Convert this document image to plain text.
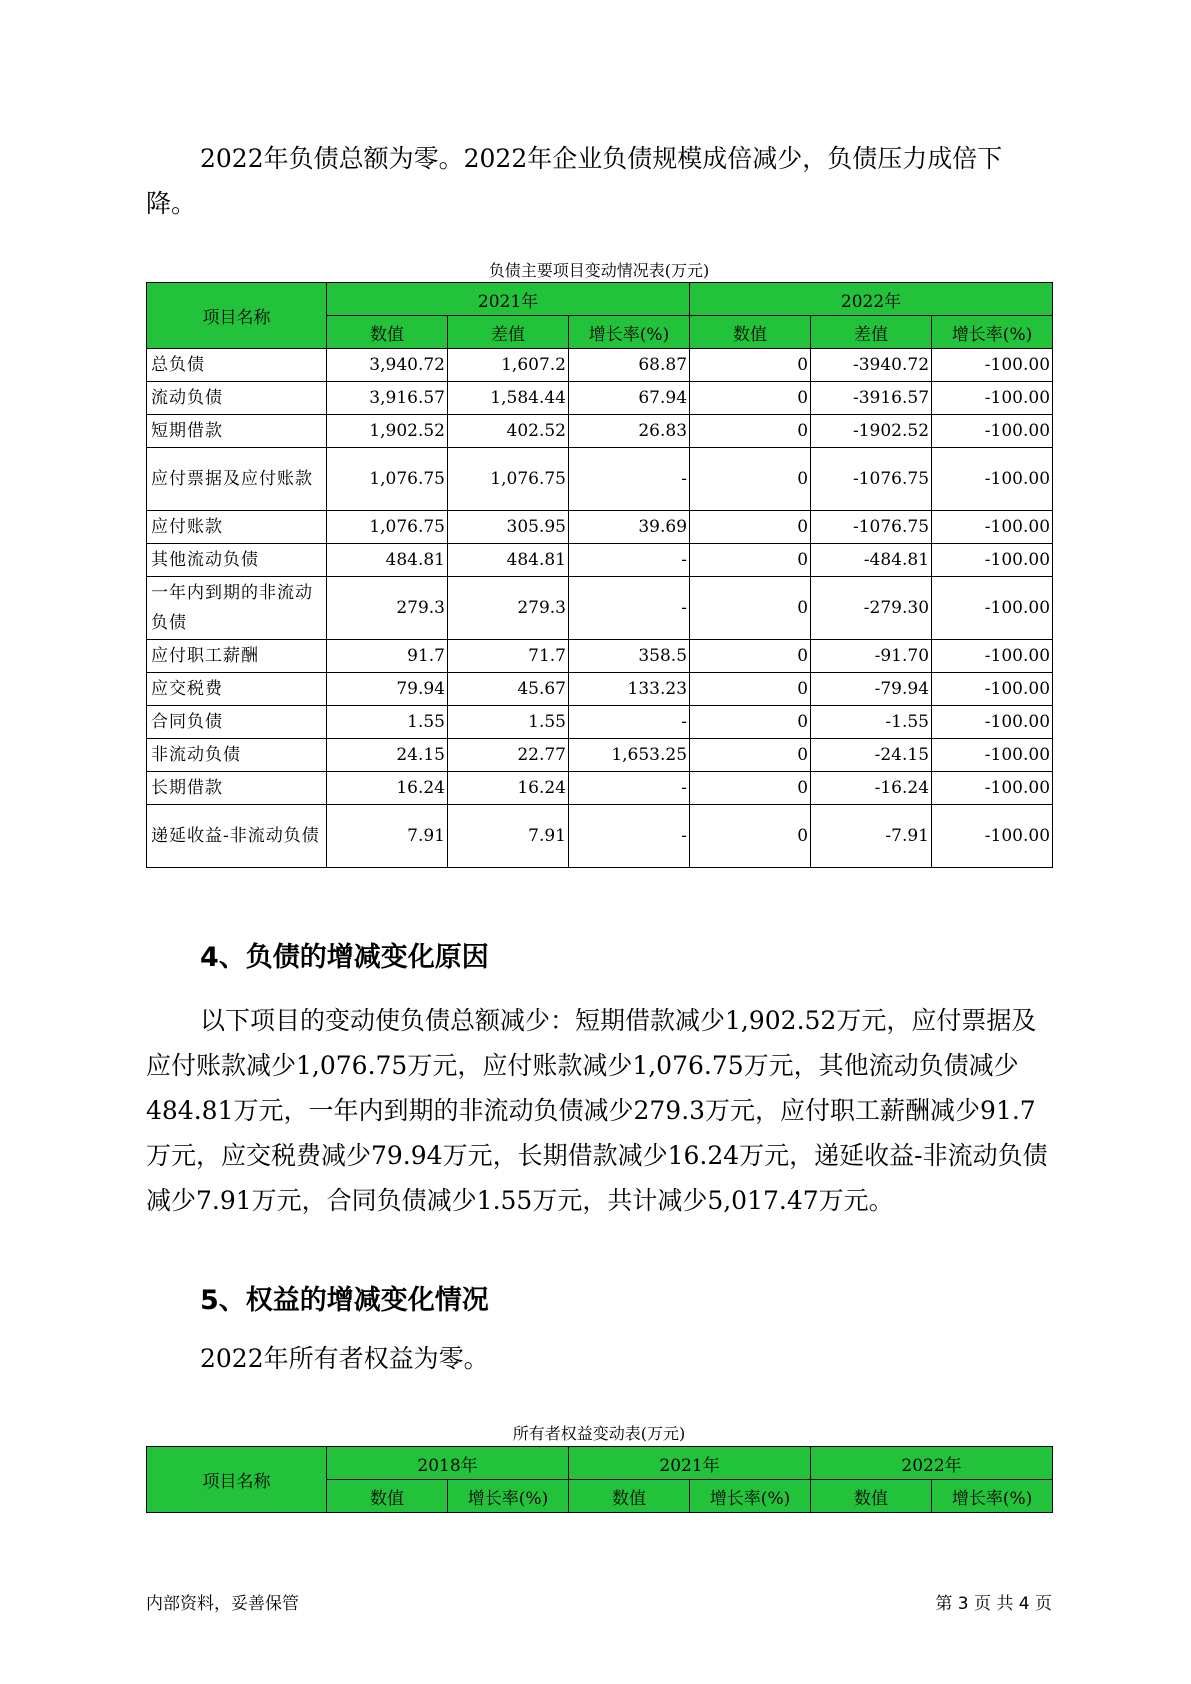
2022年负债总额为零。2022年企业负债规模成倍减少，负债压力成倍下降。

负债主要项目变动情况表(万元)
项目名称	2021年			2022年		
	数值	差值	增长率(%)	数值	差值	增长率(%)
总负债	3,940.72	1,607.2	68.87	0	-3940.72	-100.00
流动负债	3,916.57	1,584.44	67.94	0	-3916.57	-100.00
短期借款	1,902.52	402.52	26.83	0	-1902.52	-100.00
应付票据及应付账款	1,076.75	1,076.75	-	0	-1076.75	-100.00
应付账款	1,076.75	305.95	39.69	0	-1076.75	-100.00
其他流动负债	484.81	484.81	-	0	-484.81	-100.00
一年内到期的非流动负债	279.3	279.3	-	0	-279.30	-100.00
应付职工薪酬	91.7	71.7	358.5	0	-91.70	-100.00
应交税费	79.94	45.67	133.23	0	-79.94	-100.00
合同负债	1.55	1.55	-	0	-1.55	-100.00
非流动负债	24.15	22.77	1,653.25	0	-24.15	-100.00
长期借款	16.24	16.24	-	0	-16.24	-100.00
递延收益-非流动负债	7.91	7.91	-	0	-7.91	-100.00
4、负债的增减变化原因

以下项目的变动使负债总额减少：短期借款减少1,902.52万元，应付票据及应付账款减少1,076.75万元，应付账款减少1,076.75万元，其他流动负债减少484.81万元，一年内到期的非流动负债减少279.3万元，应付职工薪酬减少91.7万元，应交税费减少79.94万元，长期借款减少16.24万元，递延收益-非流动负债减少7.91万元，合同负债减少1.55万元，共计减少5,017.47万元。

5、权益的增减变化情况

2022年所有者权益为零。

所有者权益变动表(万元)
项目名称	2018年		2021年		2022年	
	数值	增长率(%)	数值	增长率(%)	数值	增长率(%)
内部资料，妥善保管	第 3 页 共 4 页
